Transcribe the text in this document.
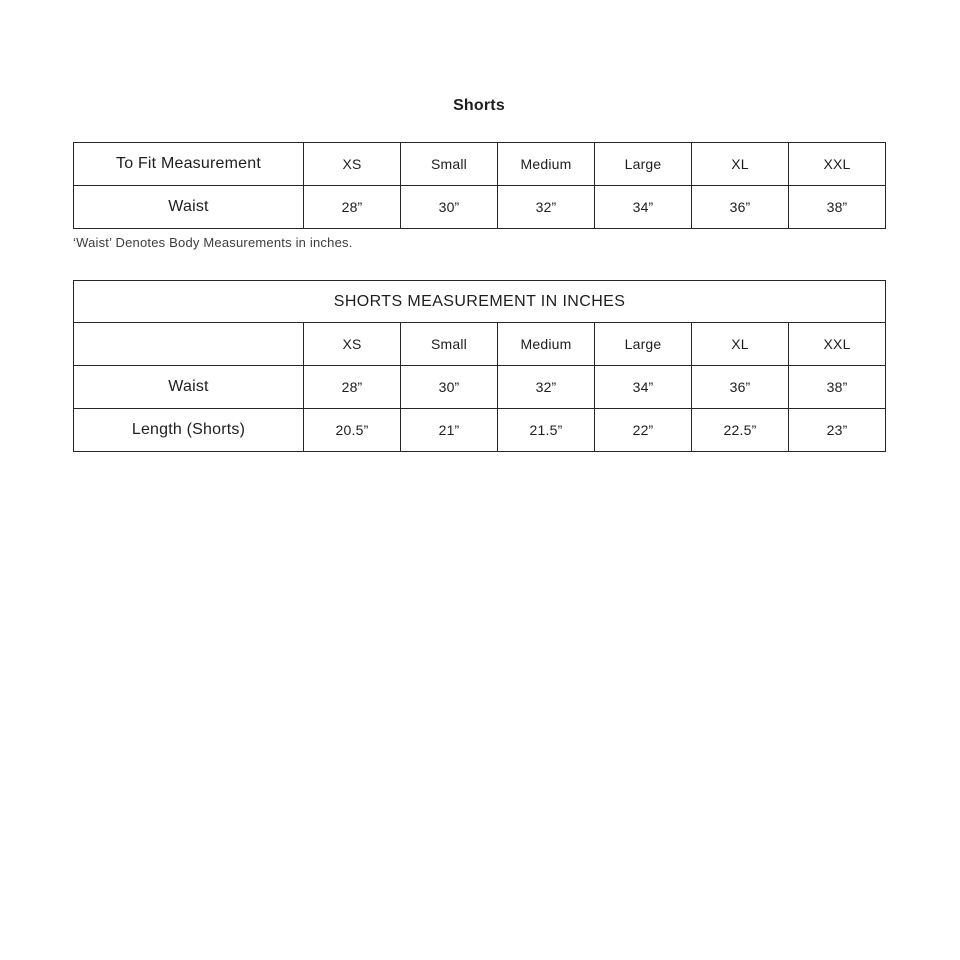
Shorts
To Fit Measurement	XS	Small	Medium	Large	XL	XXL
Waist	28”	30”	32”	34”	36”	38”
‘Waist’ Denotes Body Measurements in inches.
SHORTS MEASUREMENT IN INCHES						
	XS	Small	Medium	Large	XL	XXL
Waist	28”	30”	32”	34”	36”	38”
Length (Shorts)	20.5”	21”	21.5”	22”	22.5”	23”
